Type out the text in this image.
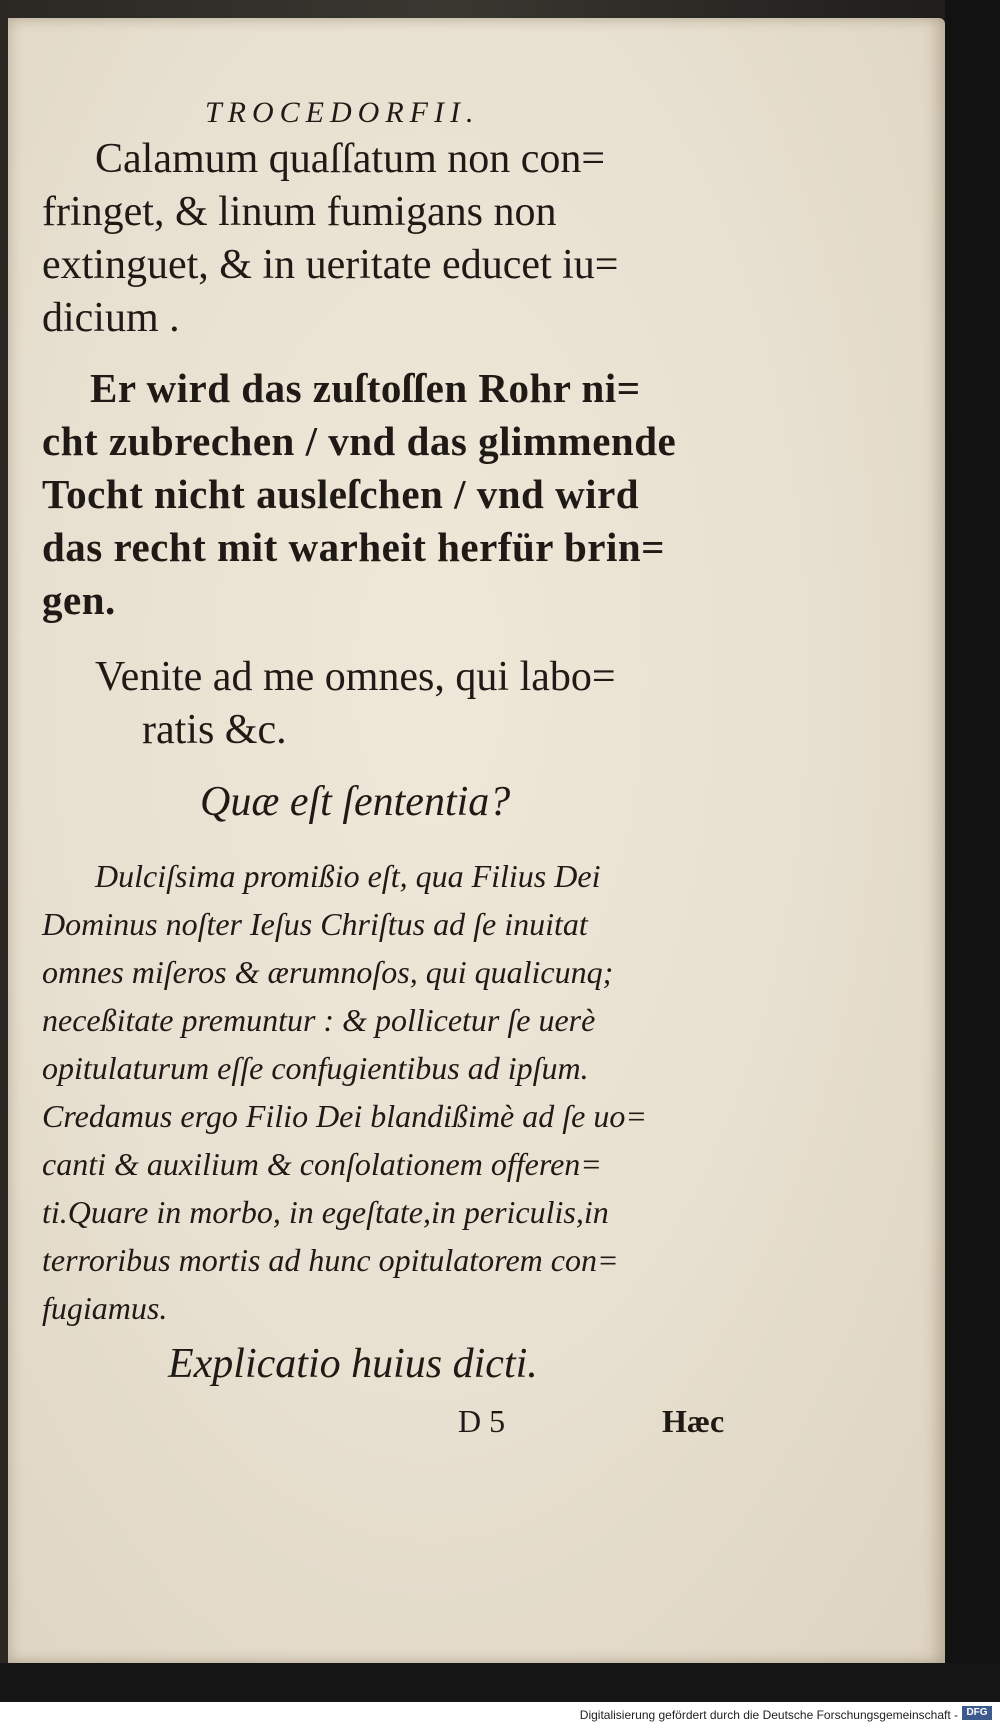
TROCEDORFII.
Calamum quaſſatum non con=
fringet, & linum fumigans non
extinguet, & in ueritate educet iu=
dicium .
Er wird das zuſtoſſen Rohr ni=
cht zubrechen / vnd das glimmende
Tocht nicht ausleſchen / vnd wird
das recht mit warheit herfür brin=
gen.
Venite ad me omnes, qui labo=
ratis &c.
Quæ eſt ſententia?
Dulciſsima promißio eſt, qua Filius Dei
Dominus noſter Ieſus Chriſtus ad ſe inuitat
omnes miſeros & ærumnoſos, qui qualicunq;
neceßitate premuntur : & pollicetur ſe uerè
opitulaturum eſſe confugientibus ad ipſum.
Credamus ergo Filio Dei blandißimè ad ſe uo=
canti & auxilium & conſolationem offeren=
ti.Quare in morbo, in egeſtate,in periculis,in
terroribus mortis ad hunc opitulatorem con=
fugiamus.
Explicatio huius dicti.
D 5	Hæc
Digitalisierung gefördert durch die Deutsche Forschungsgemeinschaft - DFG
